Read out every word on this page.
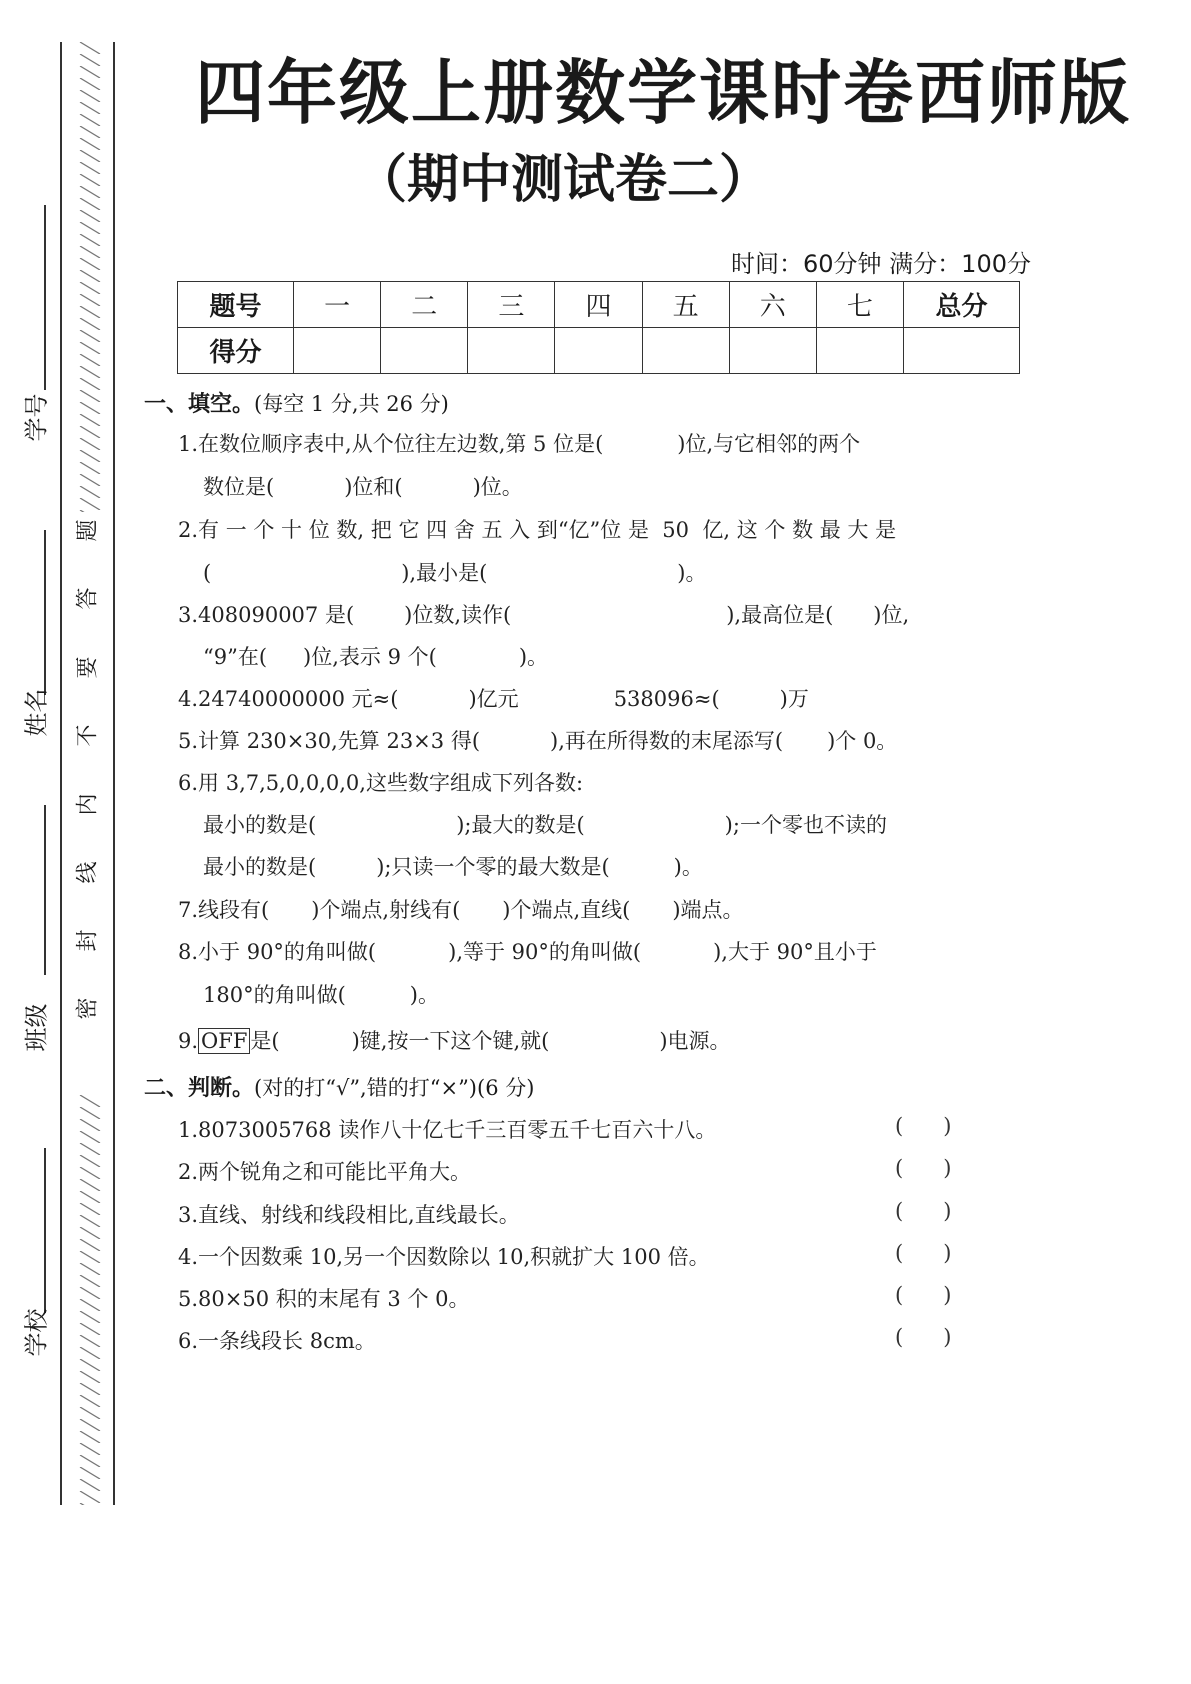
学号
姓名
班级
学校
题
答
要
不
内
线
封
密
四年级上册数学课时卷西师版
（期中测试卷二）
时间：60分钟 满分：100分
题号	一	二	三	四	五	六	七	总分
得分								
一、填空。(每空 1 分,共 26 分)
1.在数位顺序表中,从个位往左边数,第 5 位是(	)位,与它相邻的两个
数位是(	)位和(	)位。
2.有 一 个 十 位 数, 把 它 四 舍 五 入 到“亿”位 是  50  亿, 这 个 数 最 大 是
(	),最小是(	)。
3.408090007 是( )位数,读作(	),最高位是( )位,
“9”在( )位,表示 9 个(	)。
4.24740000000 元≈(	)亿元	538096≈(	)万
5.计算 230×30,先算 23×3 得(	),再在所得数的末尾添写( )个 0。
6.用 3,7,5,0,0,0,0,这些数字组成下列各数:
最小的数是(	);最大的数是(	);一个零也不读的
最小的数是(	);只读一个零的最大数是(	)。
7.线段有( )个端点,射线有( )个端点,直线( )端点。
8.小于 90°的角叫做(	),等于 90°的角叫做(	),大于 90°且小于
180°的角叫做(	)。
9. OFF 是(	)键,按一下这个键,就(	)电源。
二、判断。(对的打“√”,错的打“×”)(6 分)
1.8073005768 读作八十亿七千三百零五千七百六十八。	(      )
2.两个锐角之和可能比平角大。	(      )
3.直线、射线和线段相比,直线最长。	(      )
4.一个因数乘 10,另一个因数除以 10,积就扩大 100 倍。	(      )
5.80×50 积的末尾有 3 个 0。	(      )
6.一条线段长 8cm。	(      )
